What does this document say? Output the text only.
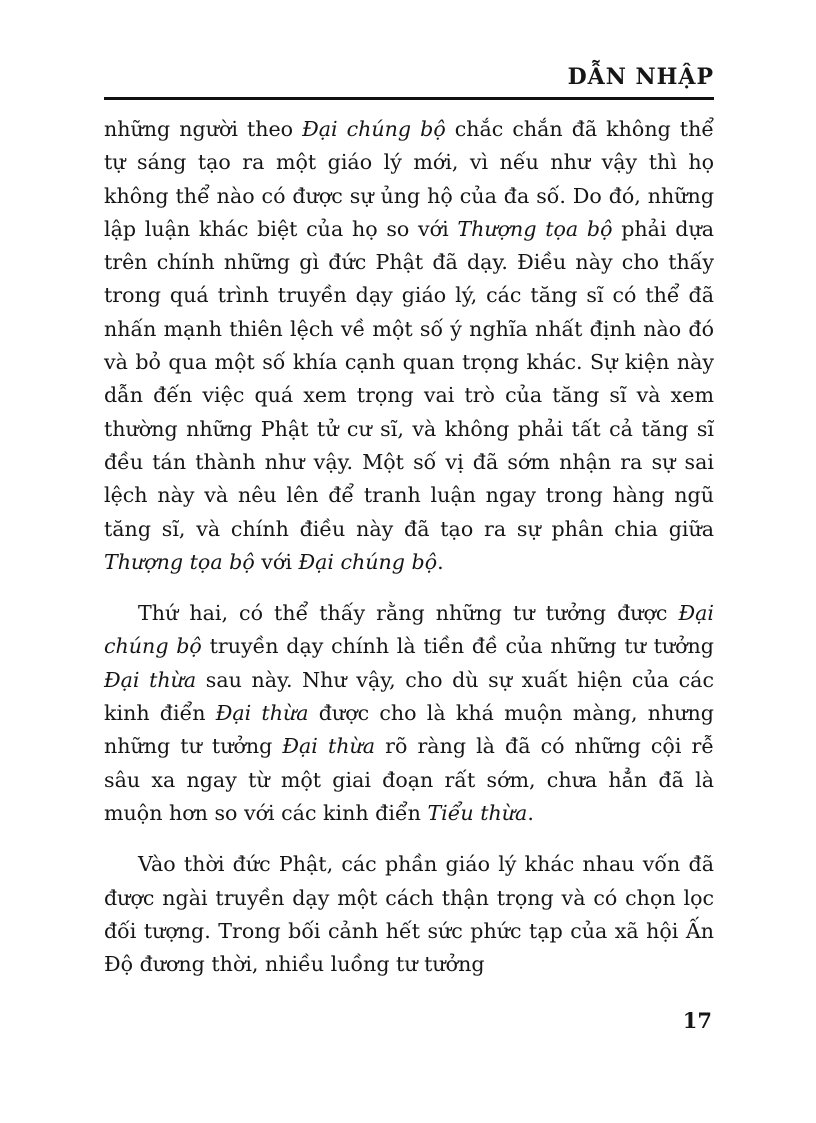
DẪN NHẬP

những người theo Đại chúng bộ chắc chắn đã không thể tự sáng tạo ra một giáo lý mới, vì nếu như vậy thì họ không thể nào có được sự ủng hộ của đa số. Do đó, những lập luận khác biệt của họ so với Thượng tọa bộ phải dựa trên chính những gì đức Phật đã dạy. Điều này cho thấy trong quá trình truyền dạy giáo lý, các tăng sĩ có thể đã nhấn mạnh thiên lệch về một số ý nghĩa nhất định nào đó và bỏ qua một số khía cạnh quan trọng khác. Sự kiện này dẫn đến việc quá xem trọng vai trò của tăng sĩ và xem thường những Phật tử cư sĩ, và không phải tất cả tăng sĩ đều tán thành như vậy. Một số vị đã sớm nhận ra sự sai lệch này và nêu lên để tranh luận ngay trong hàng ngũ tăng sĩ, và chính điều này đã tạo ra sự phân chia giữa Thượng tọa bộ với Đại chúng bộ.

Thứ hai, có thể thấy rằng những tư tưởng được Đại chúng bộ truyền dạy chính là tiền đề của những tư tưởng Đại thừa sau này. Như vậy, cho dù sự xuất hiện của các kinh điển Đại thừa được cho là khá muộn màng, nhưng những tư tưởng Đại thừa rõ ràng là đã có những cội rễ sâu xa ngay từ một giai đoạn rất sớm, chưa hẳn đã là muộn hơn so với các kinh điển Tiểu thừa.

Vào thời đức Phật, các phần giáo lý khác nhau vốn đã được ngài truyền dạy một cách thận trọng và có chọn lọc đối tượng. Trong bối cảnh hết sức phức tạp của xã hội Ấn Độ đương thời, nhiều luồng tư tưởng

17
